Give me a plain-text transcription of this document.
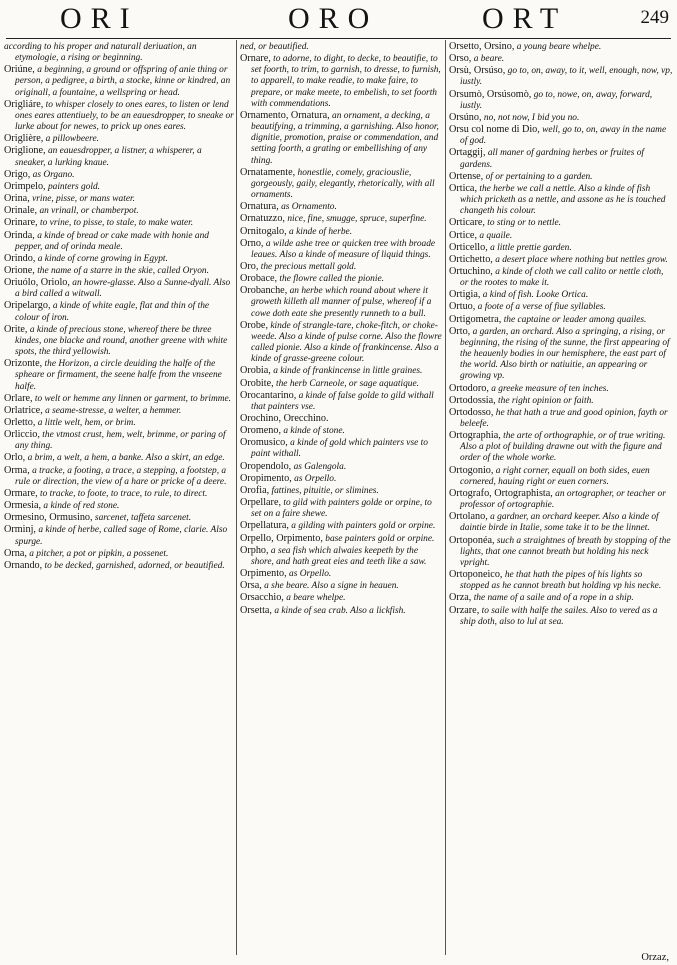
ORI	ORO	ORT	249

according to his proper and naturall deriuation, an etymologie, a rising or beginning.

Oriúne, a beginning, a ground or offspring of anie thing or person, a pedigree, a birth, a stocke, kinne or kindred, an originall, a fountaine, a wellspring or head.

Origliáre, to whisper closely to ones eares, to listen or lend ones eares attentiuely, to be an eauesdropper, to sneake or lurke about for newes, to prick up ones eares.

Origlière, a pillowbeere.

Origlione, an eauesdropper, a listner, a whisperer, a sneaker, a lurking knaue.

Origo, as Organo.

Orimpelo, painters gold.

Orina, vrine, pisse, or mans water.

Orinale, an vrinall, or chamberpot.

Orinare, to vrine, to pisse, to stale, to make water.

Orinda, a kinde of bread or cake made with honie and pepper, and of orinda meale.

Orindo, a kinde of corne growing in Egypt.

Orione, the name of a starre in the skie, called Oryon.

Oriuólo, Oriolo, an howre-glasse. Also a Sunne-dyall. Also a bird called a witwall.

Oripelargo, a kinde of white eagle, flat and thin of the colour of iron.

Orite, a kinde of precious stone, whereof there be three kindes, one blacke and round, another greene with white spots, the third yellowish.

Orizonte, the Horizon, a circle deuiding the halfe of the spheare or firmament, the seene halfe from the vnseene halfe.

Orlare, to welt or hemme any linnen or garment, to brimme.

Orlatrice, a seame-stresse, a welter, a hemmer.

Orletto, a little welt, hem, or brim.

Orliccio, the vtmost crust, hem, welt, brimme, or paring of any thing.

Orlo, a brim, a welt, a hem, a banke. Also a skirt, an edge.

Orma, a tracke, a footing, a trace, a stepping, a footstep, a rule or direction, the view of a hare or pricke of a deere.

Ormare, to tracke, to foote, to trace, to rule, to direct.

Ormesia, a kinde of red stone.

Ormesino, Ormusino, sarcenet, taffeta sarcenet.

Orminj, a kinde of herbe, called sage of Rome, clarie. Also spurge.

Orna, a pitcher, a pot or pipkin, a possenet.

Ornando, to be decked, garnished, adorned, or beautified.

ned, or beautified.

Ornare, to adorne, to dight, to decke, to beautifie, to set foorth, to trim, to garnish, to dresse, to furnish, to apparell, to make readie, to make faire, to prepare, or make meete, to embelish, to set foorth with commendations.

Ornamento, Ornatura, an ornament, a decking, a beautifying, a trimming, a garnishing. Also honor, dignitie, promotion, praise or commendation, and setting foorth, a grating or embellishing of any thing.

Ornatamente, honestlie, comely, graciouslie, gorgeously, gaily, elegantly, rhetorically, with all ornaments.

Ornatura, as Ornamento.

Ornatuzzo, nice, fine, smugge, spruce, superfine.

Ornitogalo, a kinde of herbe.

Orno, a wilde ashe tree or quicken tree with broade leaues. Also a kinde of measure of liquid things.

Oro, the precious mettall gold.

Orobace, the flowre called the pionie.

Orobanche, an herbe which round about where it groweth killeth all manner of pulse, whereof if a cowe doth eate she presently runneth to a bull.

Orobe, kinde of strangle-tare, choke-fitch, or choke-weede. Also a kinde of pulse corne. Also the flowre called pionie. Also a kinde of frankincense. Also a kinde of grasse-greene colour.

Orobia, a kinde of frankincense in little graines.

Orobite, the herb Carneole, or sage aquatique.

Orocantarino, a kinde of false golde to gild withall that painters vse.

Orochino, Orecchino.

Oromeno, a kinde of stone.

Oromusico, a kinde of gold which painters vse to paint withall.

Oropendolo, as Galengola.

Oropimento, as Orpello.

Orofia, fattines, pituitie, or slimines.

Orpellare, to gild with painters golde or orpine, to set on a faire shewe.

Orpellatura, a gilding with painters gold or orpine.

Orpello, Orpimento, base painters gold or orpine.

Orpho, a sea fish which alwaies keepeth by the shore, and hath great eies and teeth like a saw.

Orpimento, as Orpello.

Orsa, a she beare. Also a signe in heauen.

Orsacchio, a beare whelpe.

Orsetta, a kinde of sea crab. Also a lickfish.

Orsetto, Orsino, a young beare whelpe.

Orso, a beare.

Orsù, Orsúso, go to, on, away, to it, well, enough, now, vp, iustly.

Orsumò, Orsúsomò, go to, nowe, on, away, forward, iustly.

Orsúno, no, not now, I bid you no.

Orsu col nome di Dio, well, go to, on, away in the name of god.

Ortaggij, all maner of gardning herbes or fruites of gardens.

Ortense, of or pertaining to a garden.

Ortica, the herbe we call a nettle. Also a kinde of fish which pricketh as a nettle, and assone as he is touched changeth his colour.

Orticare, to sting or to nettle.

Ortice, a quaile.

Orticello, a little prettie garden.

Ortichetto, a desert place where nothing but nettles grow.

Ortuchino, a kinde of cloth we call calito or nettle cloth, or the rootes to make it.

Ortigia, a kind of fish. Looke Ortica.

Ortuo, a foote of a verse of fiue syllables.

Ortigometra, the captaine or leader among quailes.

Orto, a garden, an orchard. Also a springing, a rising, or beginning, the rising of the sunne, the first appearing of the heauenly bodies in our hemisphere, the east part of the world. Also birth or natiuitie, an appearing or growing vp.

Ortodoro, a greeke measure of ten inches.

Ortodossia, the right opinion or faith.

Ortodosso, he that hath a true and good opinion, fayth or beleefe.

Ortographia, the arte of orthographie, or of true writing. Also a plot of building drawne out with the figure and order of the whole worke.

Ortogonio, a right corner, equall on both sides, euen cornered, hauing right or euen corners.

Ortografo, Ortographista, an ortographer, or teacher or professor of ortographie.

Ortolano, a gardner, an orchard keeper. Also a kinde of daintie birde in Italie, some take it to be the linnet.

Ortoponéa, such a straightnes of breath by stopping of the lights, that one cannot breath but holding his neck vpright.

Ortoponeico, he that hath the pipes of his lights so stopped as he cannot breath but holding vp his necke.

Orza, the name of a saile and of a rope in a ship.

Orzare, to saile with halfe the sailes. Also to vered as a ship doth, also to lul at sea.

Orzaz,
